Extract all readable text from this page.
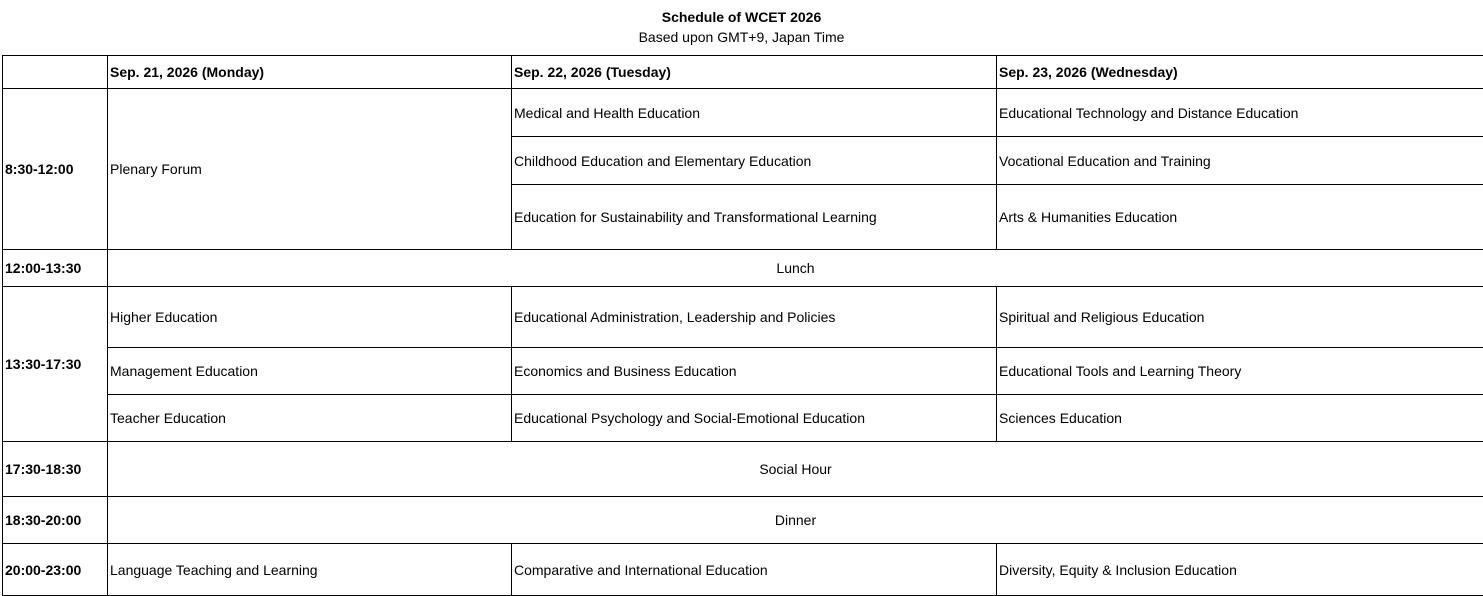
Schedule of WCET 2026
Based upon GMT+9, Japan Time
	Sep. 21, 2026 (Monday)	Sep. 22, 2026 (Tuesday)	Sep. 23, 2026 (Wednesday)
8:30-12:00	Plenary Forum	Medical and Health Education	Educational Technology and Distance Education
		Childhood Education and Elementary Education	Vocational Education and Training
		Education for Sustainability and Transformational Learning	Arts & Humanities Education
12:00-13:30	Lunch		
13:30-17:30	Higher Education	Educational Administration, Leadership and Policies	Spiritual and Religious Education
	Management Education	Economics and Business Education	Educational Tools and Learning Theory
	Teacher Education	Educational Psychology and Social-Emotional Education	Sciences Education
17:30-18:30	Social Hour		
18:30-20:00	Dinner		
20:00-23:00	Language Teaching and Learning	Comparative and International Education	Diversity, Equity & Inclusion Education
